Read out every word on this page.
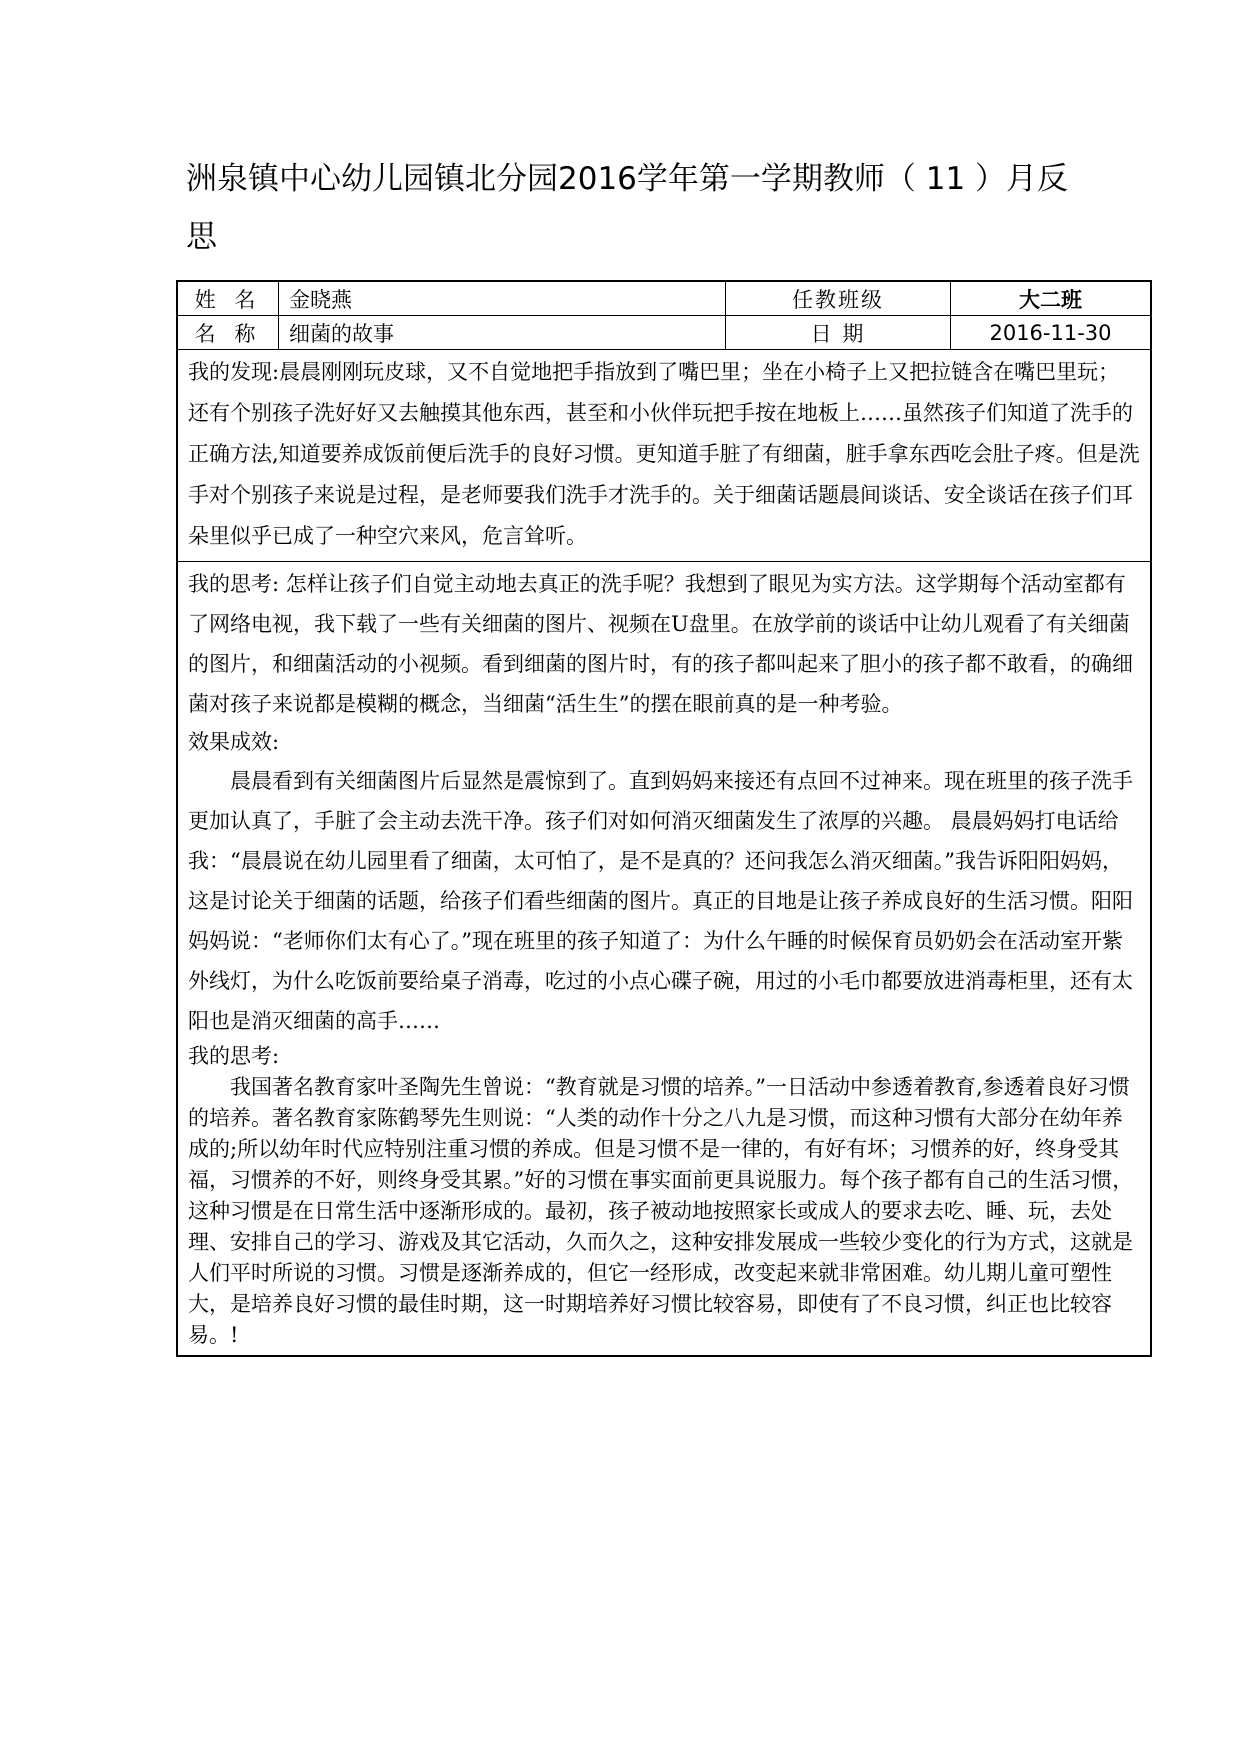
洲泉镇中心幼儿园镇北分园2016学年第一学期教师（ 11 ）月反思
姓 名	金晓燕	任教班级	大二班
名 称	细菌的故事	日 期	2016-11-30

我的发现:晨晨刚刚玩皮球，又不自觉地把手指放到了嘴巴里；坐在小椅子上又把拉链含在嘴巴里玩；还有个别孩子洗好好又去触摸其他东西，甚至和小伙伴玩把手按在地板上……虽然孩子们知道了洗手的正确方法,知道要养成饭前便后洗手的良好习惯。更知道手脏了有细菌，脏手拿东西吃会肚子疼。但是洗手对个别孩子来说是过程，是老师要我们洗手才洗手的。关于细菌话题晨间谈话、安全谈话在孩子们耳朵里似乎已成了一种空穴来风，危言耸听。

我的思考: 怎样让孩子们自觉主动地去真正的洗手呢？我想到了眼见为实方法。这学期每个活动室都有了网络电视，我下载了一些有关细菌的图片、视频在U盘里。在放学前的谈话中让幼儿观看了有关细菌的图片，和细菌活动的小视频。看到细菌的图片时，有的孩子都叫起来了胆小的孩子都不敢看，的确细菌对孩子来说都是模糊的概念，当细菌“活生生”的摆在眼前真的是一种考验。

效果成效:

晨晨看到有关细菌图片后显然是震惊到了。直到妈妈来接还有点回不过神来。现在班里的孩子洗手更加认真了，手脏了会主动去洗干净。孩子们对如何消灭细菌发生了浓厚的兴趣。 晨晨妈妈打电话给我：“晨晨说在幼儿园里看了细菌，太可怕了，是不是真的？还问我怎么消灭细菌。”我告诉阳阳妈妈，这是讨论关于细菌的话题，给孩子们看些细菌的图片。真正的目地是让孩子养成良好的生活习惯。阳阳妈妈说：“老师你们太有心了。”现在班里的孩子知道了：为什么午睡的时候保育员奶奶会在活动室开紫外线灯，为什么吃饭前要给桌子消毒，吃过的小点心碟子碗，用过的小毛巾都要放进消毒柜里，还有太阳也是消灭细菌的高手……

我的思考:

我国著名教育家叶圣陶先生曾说：“教育就是习惯的培养。”一日活动中参透着教育,参透着良好习惯的培养。著名教育家陈鹤琴先生则说：“人类的动作十分之八九是习惯，而这种习惯有大部分在幼年养成的;所以幼年时代应特别注重习惯的养成。但是习惯不是一律的，有好有坏；习惯养的好，终身受其福，习惯养的不好，则终身受其累。”好的习惯在事实面前更具说服力。每个孩子都有自己的生活习惯，这种习惯是在日常生活中逐渐形成的。最初，孩子被动地按照家长或成人的要求去吃、睡、玩，去处理、安排自己的学习、游戏及其它活动，久而久之，这种安排发展成一些较少变化的行为方式，这就是人们平时所说的习惯。习惯是逐渐养成的，但它一经形成，改变起来就非常困难。幼儿期儿童可塑性大，是培养良好习惯的最佳时期，这一时期培养好习惯比较容易，即使有了不良习惯，纠正也比较容易。!
